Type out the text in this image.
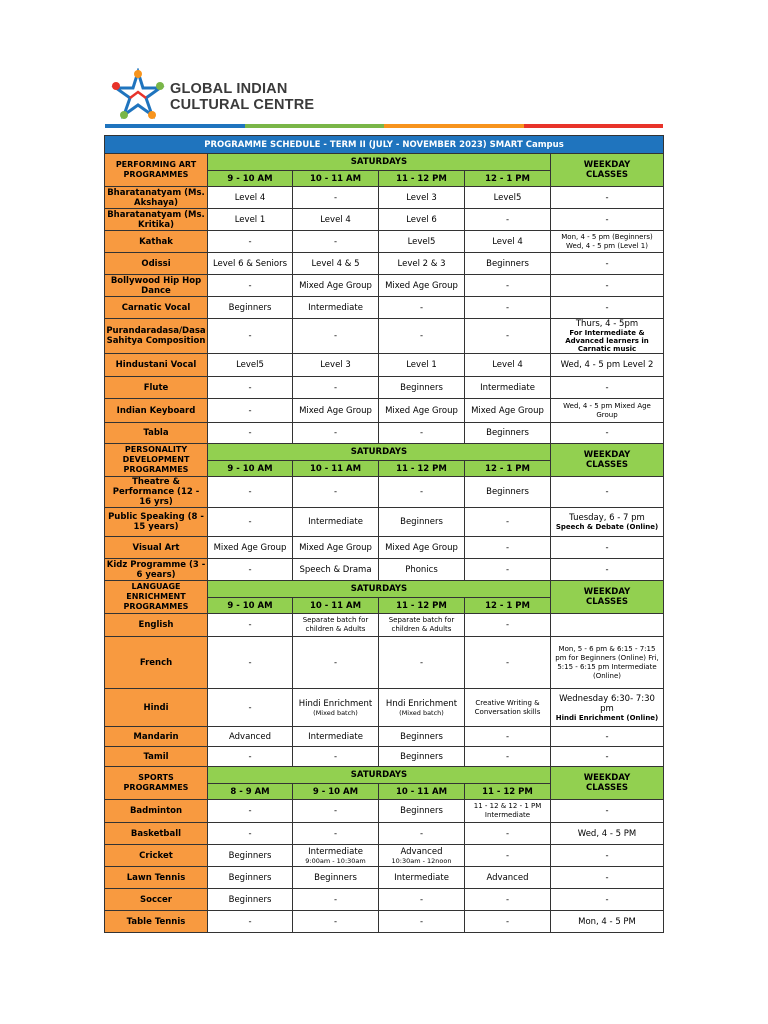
GLOBAL INDIAN
CULTURAL CENTRE
PROGRAMME SCHEDULE - TERM II (JULY - NOVEMBER 2023) SMART Campus					
PERFORMING ART PROGRAMMES	SATURDAYS				WEEKDAY CLASSES
	9 - 10 AM	10 - 11 AM	11 - 12 PM	12 - 1 PM	
Bharatanatyam (Ms. Akshaya)	Level 4	-	Level 3	Level5	-
Bharatanatyam (Ms. Kritika)	Level 1	Level 4	Level 6	-	-
Kathak	-	-	Level5	Level 4	Mon, 4 - 5 pm (Beginners) Wed, 4 - 5 pm (Level 1)
Odissi	Level 6 & Seniors	Level 4 & 5	Level 2 & 3	Beginners	-
Bollywood Hip Hop Dance	-	Mixed Age Group	Mixed Age Group	-	-
Carnatic Vocal	Beginners	Intermediate	-	-	-
Purandaradasa/Dasa Sahitya Composition	-	-	-	-	Thurs, 4 - 5pm
For Intermediate & Advanced learners in Carnatic music

Hindustani Vocal	Level5	Level 3	Level 1	Level 4	Wed, 4 - 5 pm Level 2
Flute	-	-	Beginners	Intermediate	-
Indian Keyboard	-	Mixed Age Group	Mixed Age Group	Mixed Age Group	Wed, 4 - 5 pm Mixed Age Group
Tabla	-	-	-	Beginners	-
PERSONALITY DEVELOPMENT PROGRAMMES	SATURDAYS				WEEKDAY CLASSES
	9 - 10 AM	10 - 11 AM	11 - 12 PM	12 - 1 PM	
Theatre & Performance (12 - 16 yrs)	-	-	-	Beginners	-
Public Speaking (8 - 15 years)	-	Intermediate	Beginners	-	Tuesday, 6 - 7 pm
Speech & Debate (Online)

Visual Art	Mixed Age Group	Mixed Age Group	Mixed Age Group	-	-
Kidz Programme (3 - 6 years)	-	Speech & Drama	Phonics	-	-
LANGUAGE ENRICHMENT PROGRAMMES	SATURDAYS				WEEKDAY CLASSES
	9 - 10 AM	10 - 11 AM	11 - 12 PM	12 - 1 PM	
English	-	Separate batch for children & Adults	Separate batch for children & Adults	-	
French	-	-	-	-	Mon, 5 - 6 pm & 6:15 - 7:15 pm for Beginners (Online) Fri, 5:15 - 6:15 pm Intermediate (Online)
Hindi	-	Hindi Enrichment
(Mixed batch)	Hndi Enrichment
(Mixed batch)	Creative Writing & Conversation skills	Wednesday 6:30- 7:30 pm
Hindi Enrichment (Online)

Mandarin	Advanced	Intermediate	Beginners	-	-
Tamil	-	-	Beginners	-	-
SPORTS PROGRAMMES	SATURDAYS				WEEKDAY CLASSES
	8 - 9 AM	9 - 10 AM	10 - 11 AM	11 - 12 PM	
Badminton	-	-	Beginners	11 - 12 & 12 - 1 PM Intermediate	-
Basketball	-	-	-	-	Wed, 4 - 5 PM
Cricket	Beginners	Intermediate
9:00am - 10:30am	Advanced
10:30am - 12noon	-	-
Lawn Tennis	Beginners	Beginners	Intermediate	Advanced	-
Soccer	Beginners	-	-	-	-
Table Tennis	-	-	-	-	Mon, 4 - 5 PM
